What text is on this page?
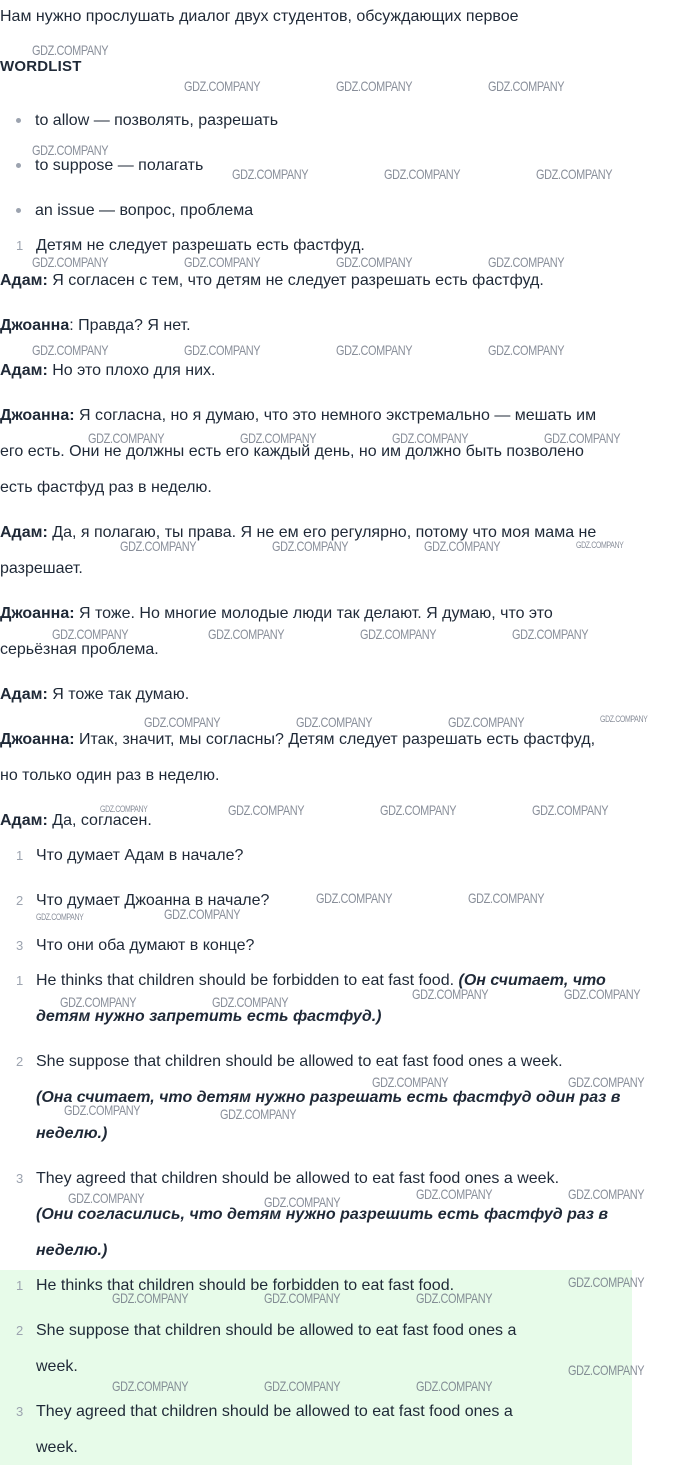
Нам нужно прослушать диалог двух студентов, обсуждающих первое
WORDLIST
to allow — позволять, разрешать
to suppose — полагать
an issue — вопрос, проблема
1 Детям не следует разрешать есть фастфуд.
Адам: Я согласен с тем, что детям не следует разрешать есть фастфуд.
Джоанна: Правда? Я нет.
Адам: Но это плохо для них.
Джоанна: Я согласна, но я думаю, что это немного экстремально — мешать им
его есть. Они не должны есть его каждый день, но им должно быть позволено
есть фастфуд раз в неделю.
Адам: Да, я полагаю, ты права. Я не ем его регулярно, потому что моя мама не
разрешает.
Джоанна: Я тоже. Но многие молодые люди так делают. Я думаю, что это
серьёзная проблема.
Адам: Я тоже так думаю.
Джоанна: Итак, значит, мы согласны? Детям следует разрешать есть фастфуд,
но только один раз в неделю.
Адам: Да, согласен.
1 Что думает Адам в начале?
2 Что думает Джоанна в начале?
3 Что они оба думают в конце?
1 He thinks that children should be forbidden to eat fast food. (Он считает, что
детям нужно запретить есть фастфуд.)
2 She suppose that children should be allowed to eat fast food ones a week.
(Она считает, что детям нужно разрешать есть фастфуд один раз в
неделю.)
3 They agreed that children should be allowed to eat fast food ones a week.
(Они согласились, что детям нужно разрешить есть фастфуд раз в
неделю.)
1 He thinks that children should be forbidden to eat fast food.
2 She suppose that children should be allowed to eat fast food ones a
week.
3 They agreed that children should be allowed to eat fast food ones a
week.
GDZ.COMPANY
GDZ.COMPANY	GDZ.COMPANY	GDZ.COMPANY
GDZ.COMPANY
GDZ.COMPANY	GDZ.COMPANY	GDZ.COMPANY
GDZ.COMPANY	GDZ.COMPANY	GDZ.COMPANY	GDZ.COMPANY
GDZ.COMPANY	GDZ.COMPANY	GDZ.COMPANY	GDZ.COMPANY
GDZ.COMPANY	GDZ.COMPANY	GDZ.COMPANY	GDZ.COMPANY
GDZ.COMPANY	GDZ.COMPANY	GDZ.COMPANY
GDZ.COMPANY	GDZ.COMPANY	GDZ.COMPANY	GDZ.COMPANY
GDZ.COMPANY	GDZ.COMPANY	GDZ.COMPANY
GDZ.COMPANY	GDZ.COMPANY	GDZ.COMPANY
GDZ.COMPANY	GDZ.COMPANY
GDZ.COMPANY
GDZ.COMPANY	GDZ.COMPANY	GDZ.COMPANY	GDZ.COMPANY
GDZ.COMPANY	GDZ.COMPANY
GDZ.COMPANY	GDZ.COMPANY
GDZ.COMPANY	GDZ.COMPANY	GDZ.COMPANY	GDZ.COMPANY
GDZ.COMPANY
GDZ.COMPANY	GDZ.COMPANY	GDZ.COMPANY
GDZ.COMPANY
GDZ.COMPANY	GDZ.COMPANY	GDZ.COMPANY
GDZ.COMPANY
GDZ.COMPANY
GDZ.COMPANY
GDZ.COMPANY
